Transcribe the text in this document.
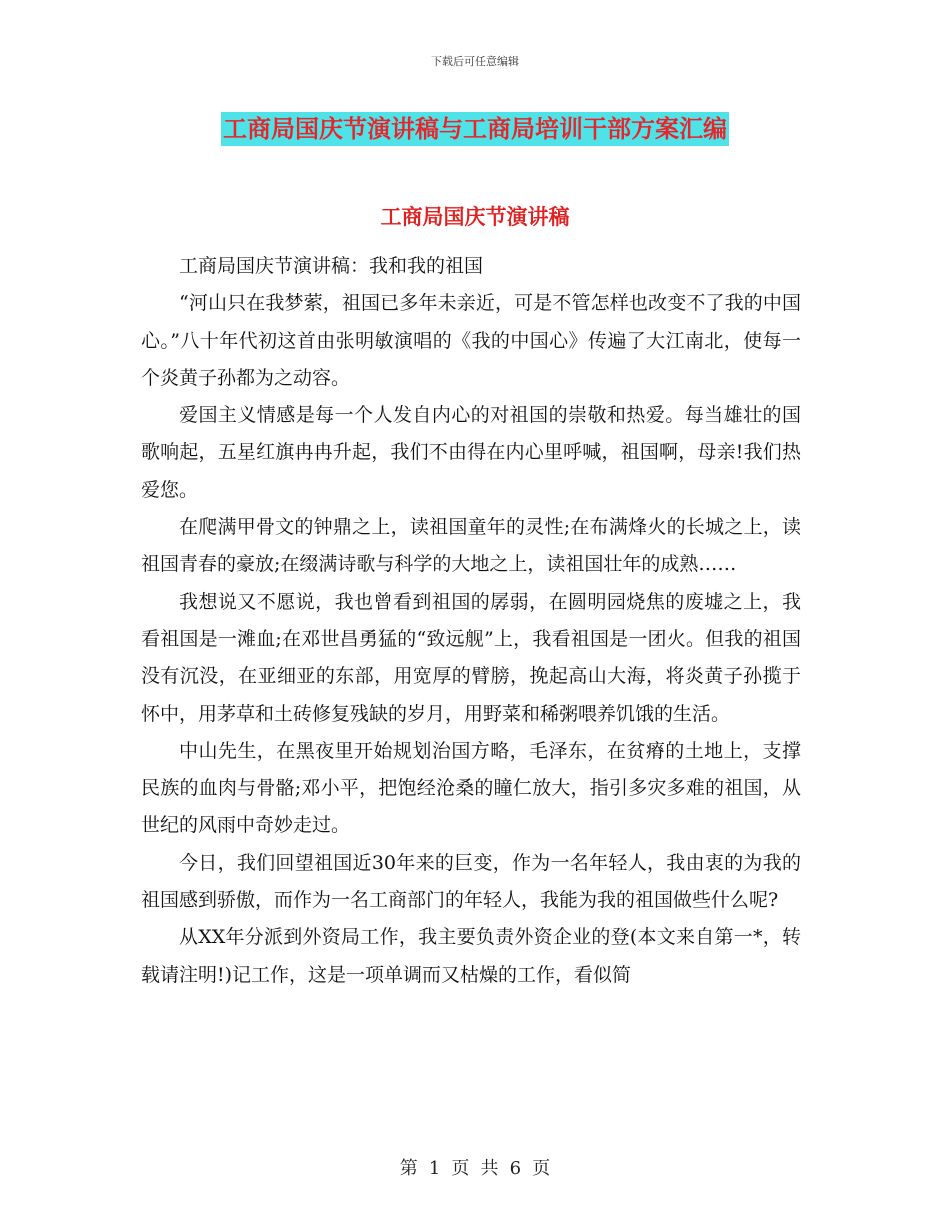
下载后可任意编辑
工商局国庆节演讲稿与工商局培训干部方案汇编
工商局国庆节演讲稿

工商局国庆节演讲稿：我和我的祖国

“河山只在我梦萦，祖国已多年未亲近，可是不管怎样也改变不了我的中国心。”八十年代初这首由张明敏演唱的《我的中国心》传遍了大江南北，使每一个炎黄子孙都为之动容。

爱国主义情感是每一个人发自内心的对祖国的崇敬和热爱。每当雄壮的国歌响起，五星红旗冉冉升起，我们不由得在内心里呼喊，祖国啊，母亲!我们热爱您。

在爬满甲骨文的钟鼎之上，读祖国童年的灵性;在布满烽火的长城之上，读祖国青春的豪放;在缀满诗歌与科学的大地之上，读祖国壮年的成熟……

我想说又不愿说，我也曾看到祖国的孱弱，在圆明园烧焦的废墟之上，我看祖国是一滩血;在邓世昌勇猛的“致远舰”上，我看祖国是一团火。但我的祖国没有沉没，在亚细亚的东部，用宽厚的臂膀，挽起高山大海，将炎黄子孙揽于怀中，用茅草和土砖修复残缺的岁月，用野菜和稀粥喂养饥饿的生活。

中山先生，在黑夜里开始规划治国方略，毛泽东，在贫瘠的土地上，支撑民族的血肉与骨骼;邓小平，把饱经沧桑的瞳仁放大，指引多灾多难的祖国，从世纪的风雨中奇妙走过。

今日，我们回望祖国近30年来的巨变，作为一名年轻人，我由衷的为我的祖国感到骄傲，而作为一名工商部门的年轻人，我能为我的祖国做些什么呢?

从XX年分派到外资局工作，我主要负责外资企业的登(本文来自第一*，转载请注明!)记工作，这是一项单调而又枯燥的工作，看似简

第 1 页 共 6 页
